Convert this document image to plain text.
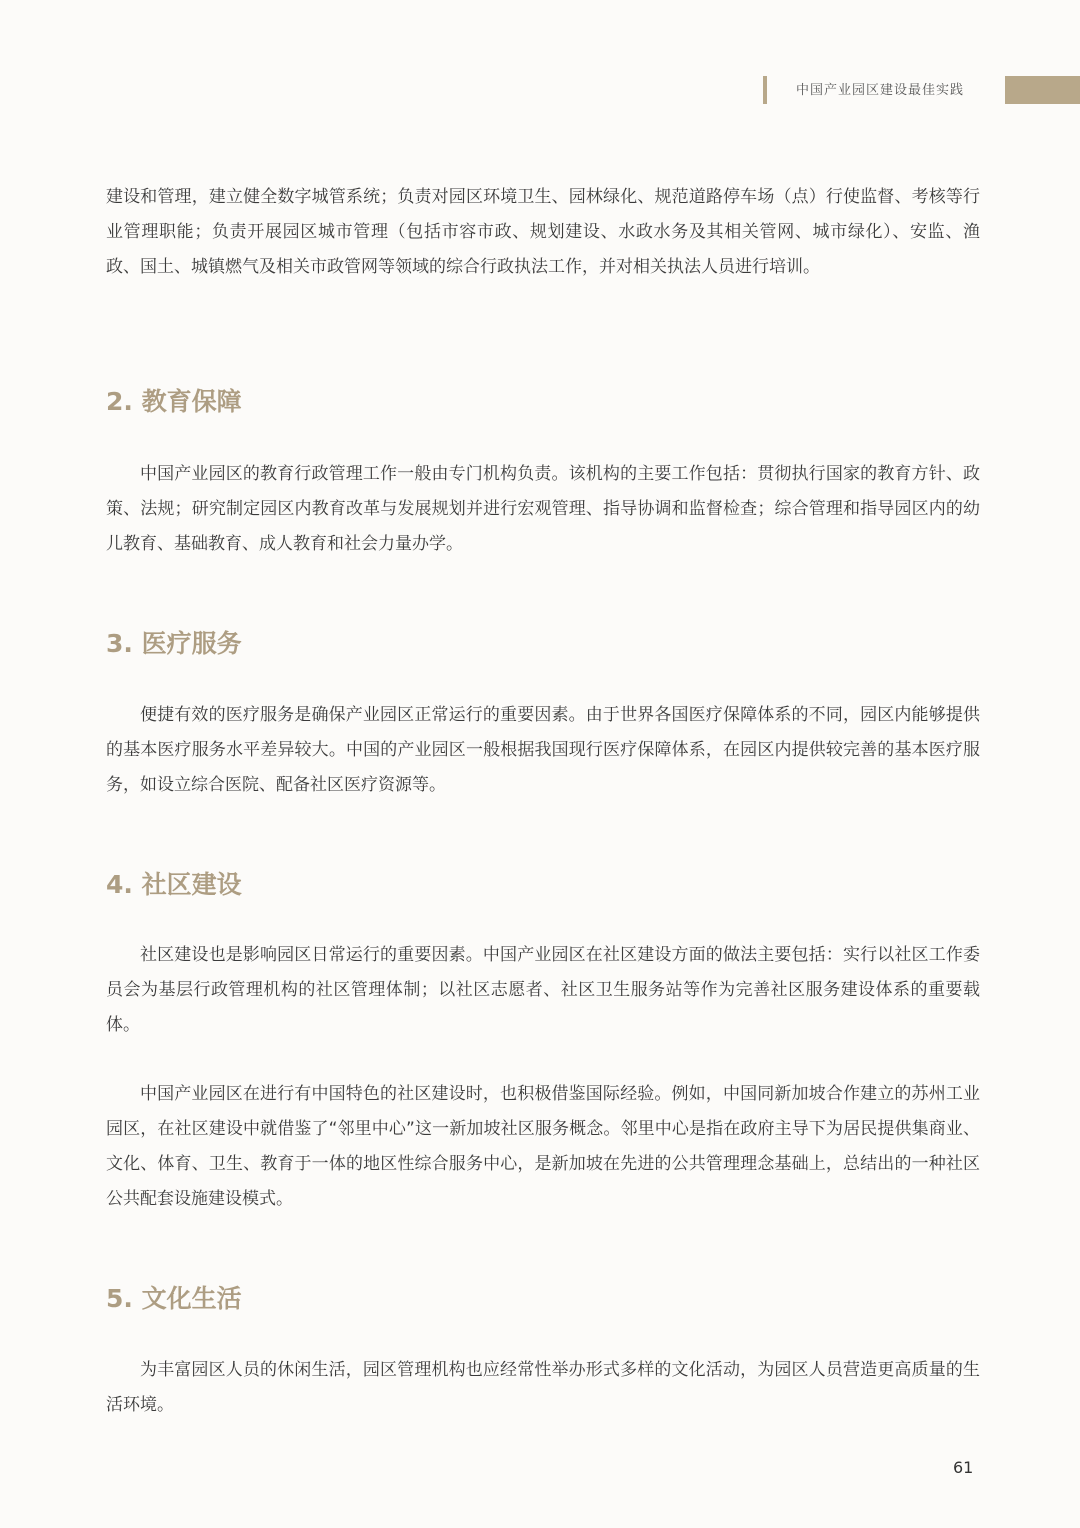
中国产业园区建设最佳实践

建设和管理，建立健全数字城管系统；负责对园区环境卫生、园林绿化、规范道路停车场（点）行使监督、考核等行业管理职能；负责开展园区城市管理（包括市容市政、规划建设、水政水务及其相关管网、城市绿化）、安监、渔政、国土、城镇燃气及相关市政管网等领域的综合行政执法工作，并对相关执法人员进行培训。

2. 教育保障

中国产业园区的教育行政管理工作一般由专门机构负责。该机构的主要工作包括：贯彻执行国家的教育方针、政策、法规；研究制定园区内教育改革与发展规划并进行宏观管理、指导协调和监督检查；综合管理和指导园区内的幼儿教育、基础教育、成人教育和社会力量办学。

3. 医疗服务

便捷有效的医疗服务是确保产业园区正常运行的重要因素。由于世界各国医疗保障体系的不同，园区内能够提供的基本医疗服务水平差异较大。中国的产业园区一般根据我国现行医疗保障体系，在园区内提供较完善的基本医疗服务，如设立综合医院、配备社区医疗资源等。

4. 社区建设

社区建设也是影响园区日常运行的重要因素。中国产业园区在社区建设方面的做法主要包括：实行以社区工作委员会为基层行政管理机构的社区管理体制；以社区志愿者、社区卫生服务站等作为完善社区服务建设体系的重要载体。

中国产业园区在进行有中国特色的社区建设时，也积极借鉴国际经验。例如，中国同新加坡合作建立的苏州工业园区，在社区建设中就借鉴了“邻里中心”这一新加坡社区服务概念。邻里中心是指在政府主导下为居民提供集商业、文化、体育、卫生、教育于一体的地区性综合服务中心，是新加坡在先进的公共管理理念基础上，总结出的一种社区公共配套设施建设模式。

5. 文化生活

为丰富园区人员的休闲生活，园区管理机构也应经常性举办形式多样的文化活动，为园区人员营造更高质量的生活环境。

61
